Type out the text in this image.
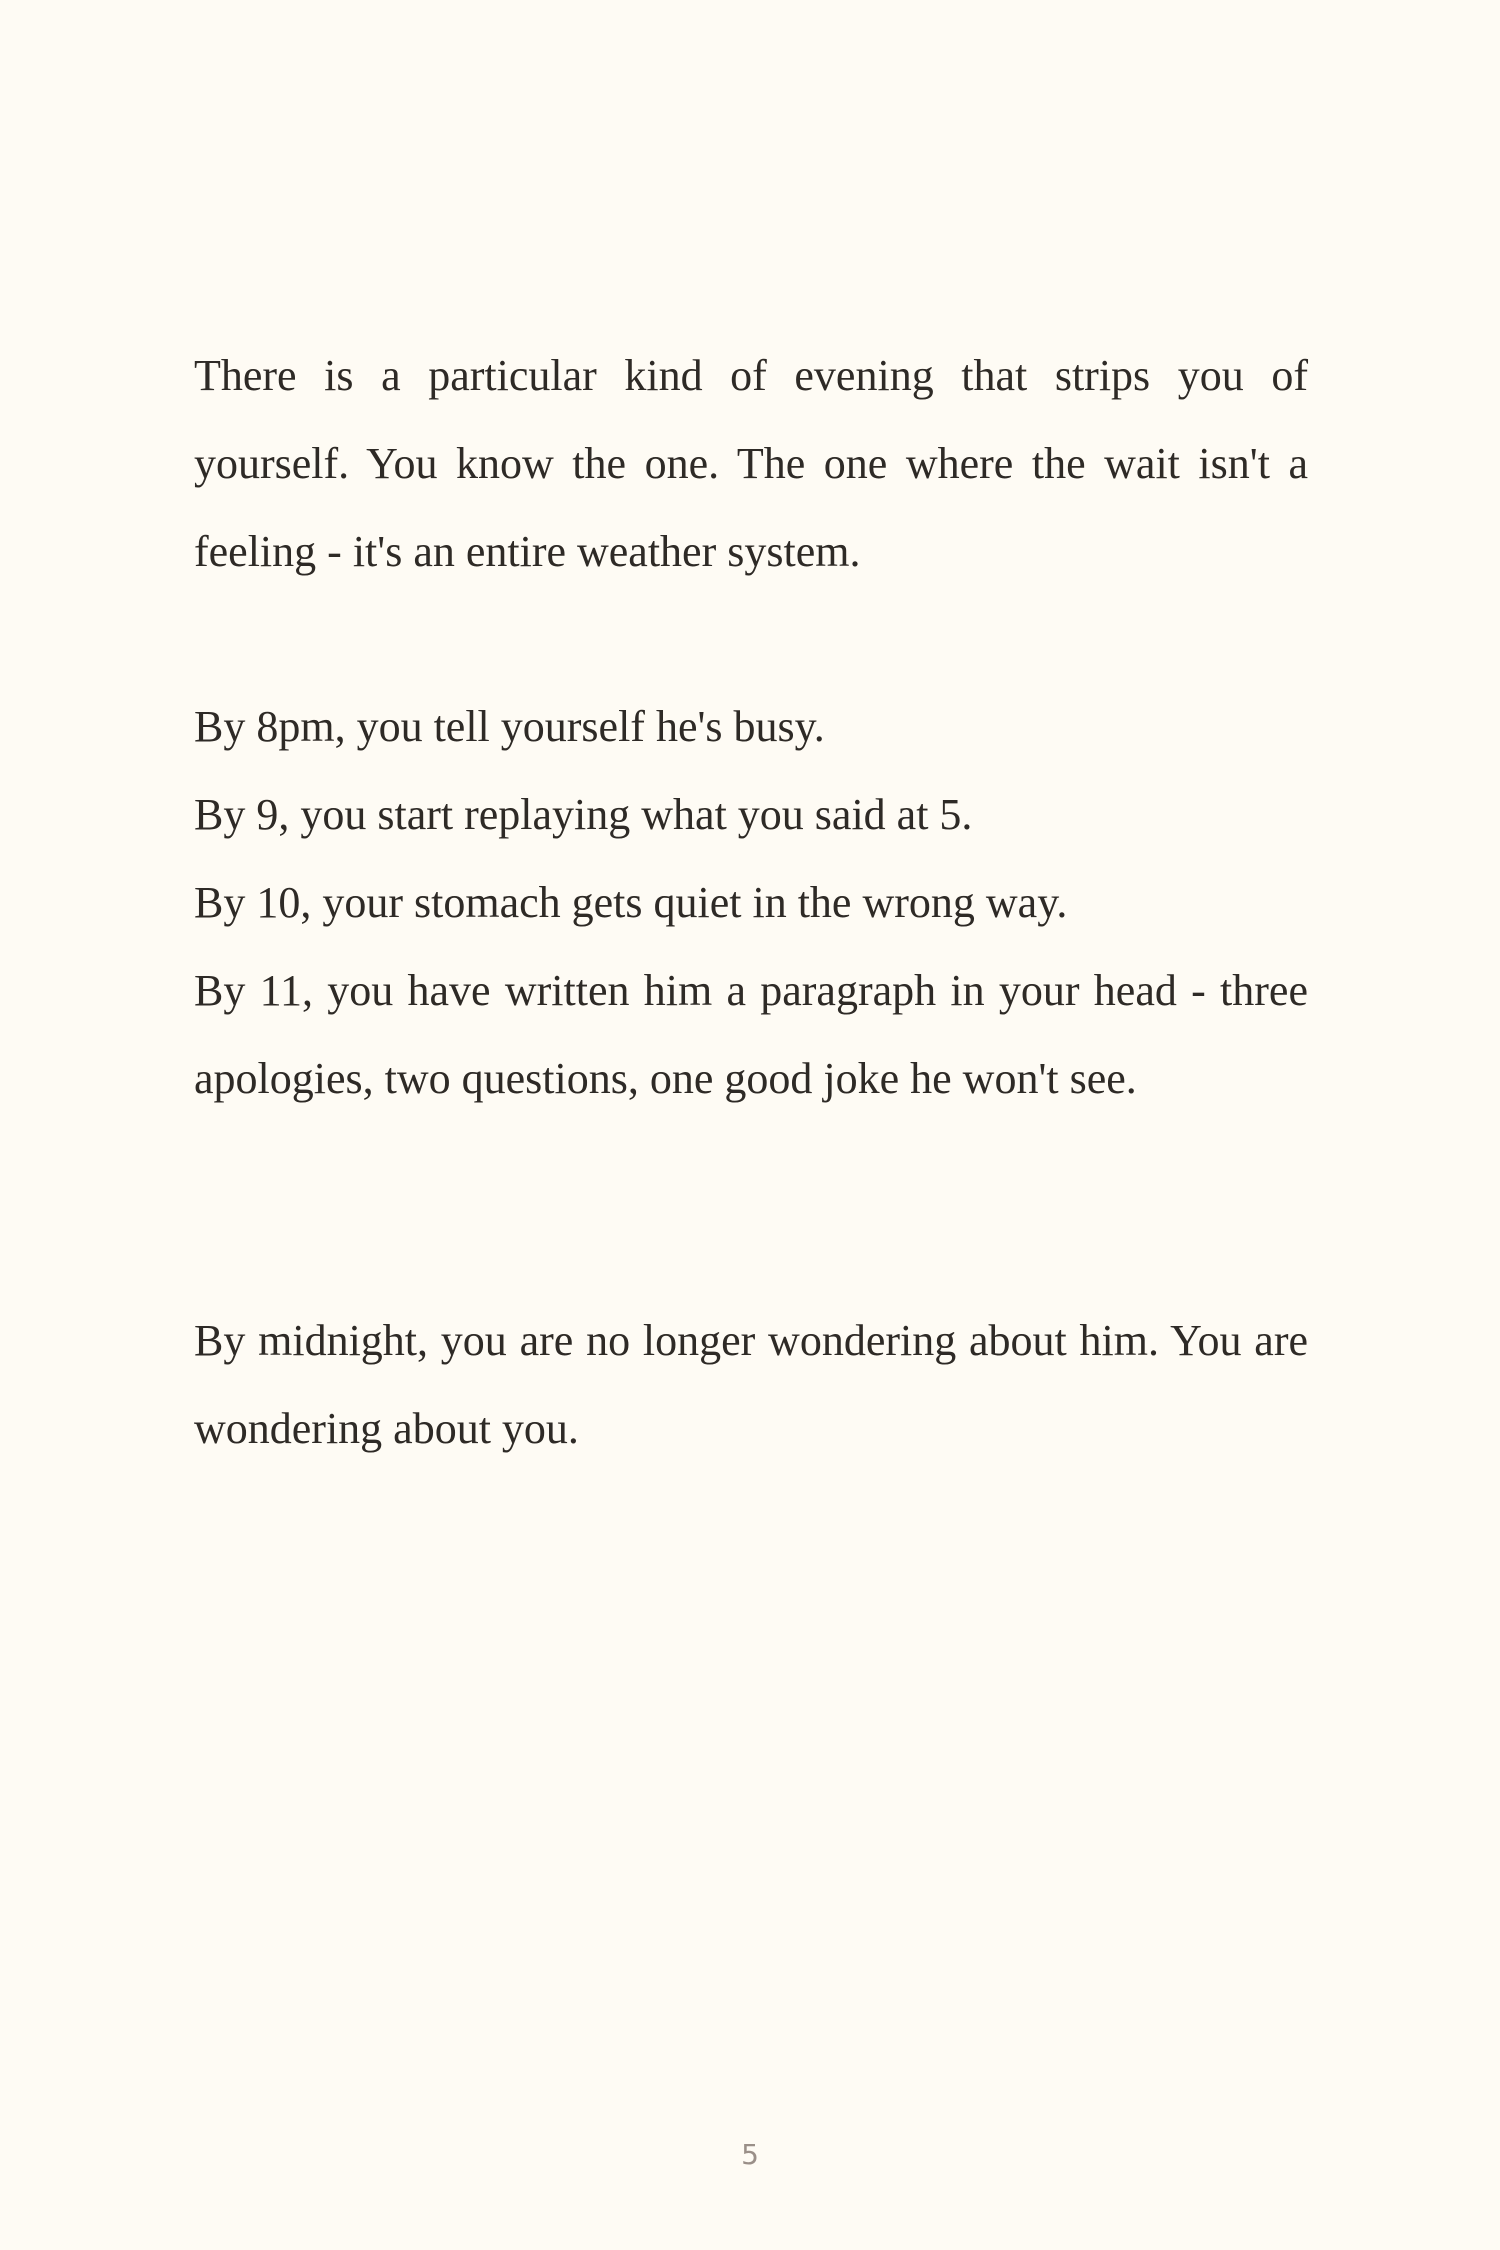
There is a particular kind of evening that strips you of yourself. You know the one. The one where the wait isn't a feeling - it's an entire weather system.

By 8pm, you tell yourself he's busy.
By 9, you start replaying what you said at 5.
By 10, your stomach gets quiet in the wrong way.
By 11, you have written him a paragraph in your head - three apologies, two questions, one good joke he won't see.

By midnight, you are no longer wondering about him. You are wondering about you.

5
